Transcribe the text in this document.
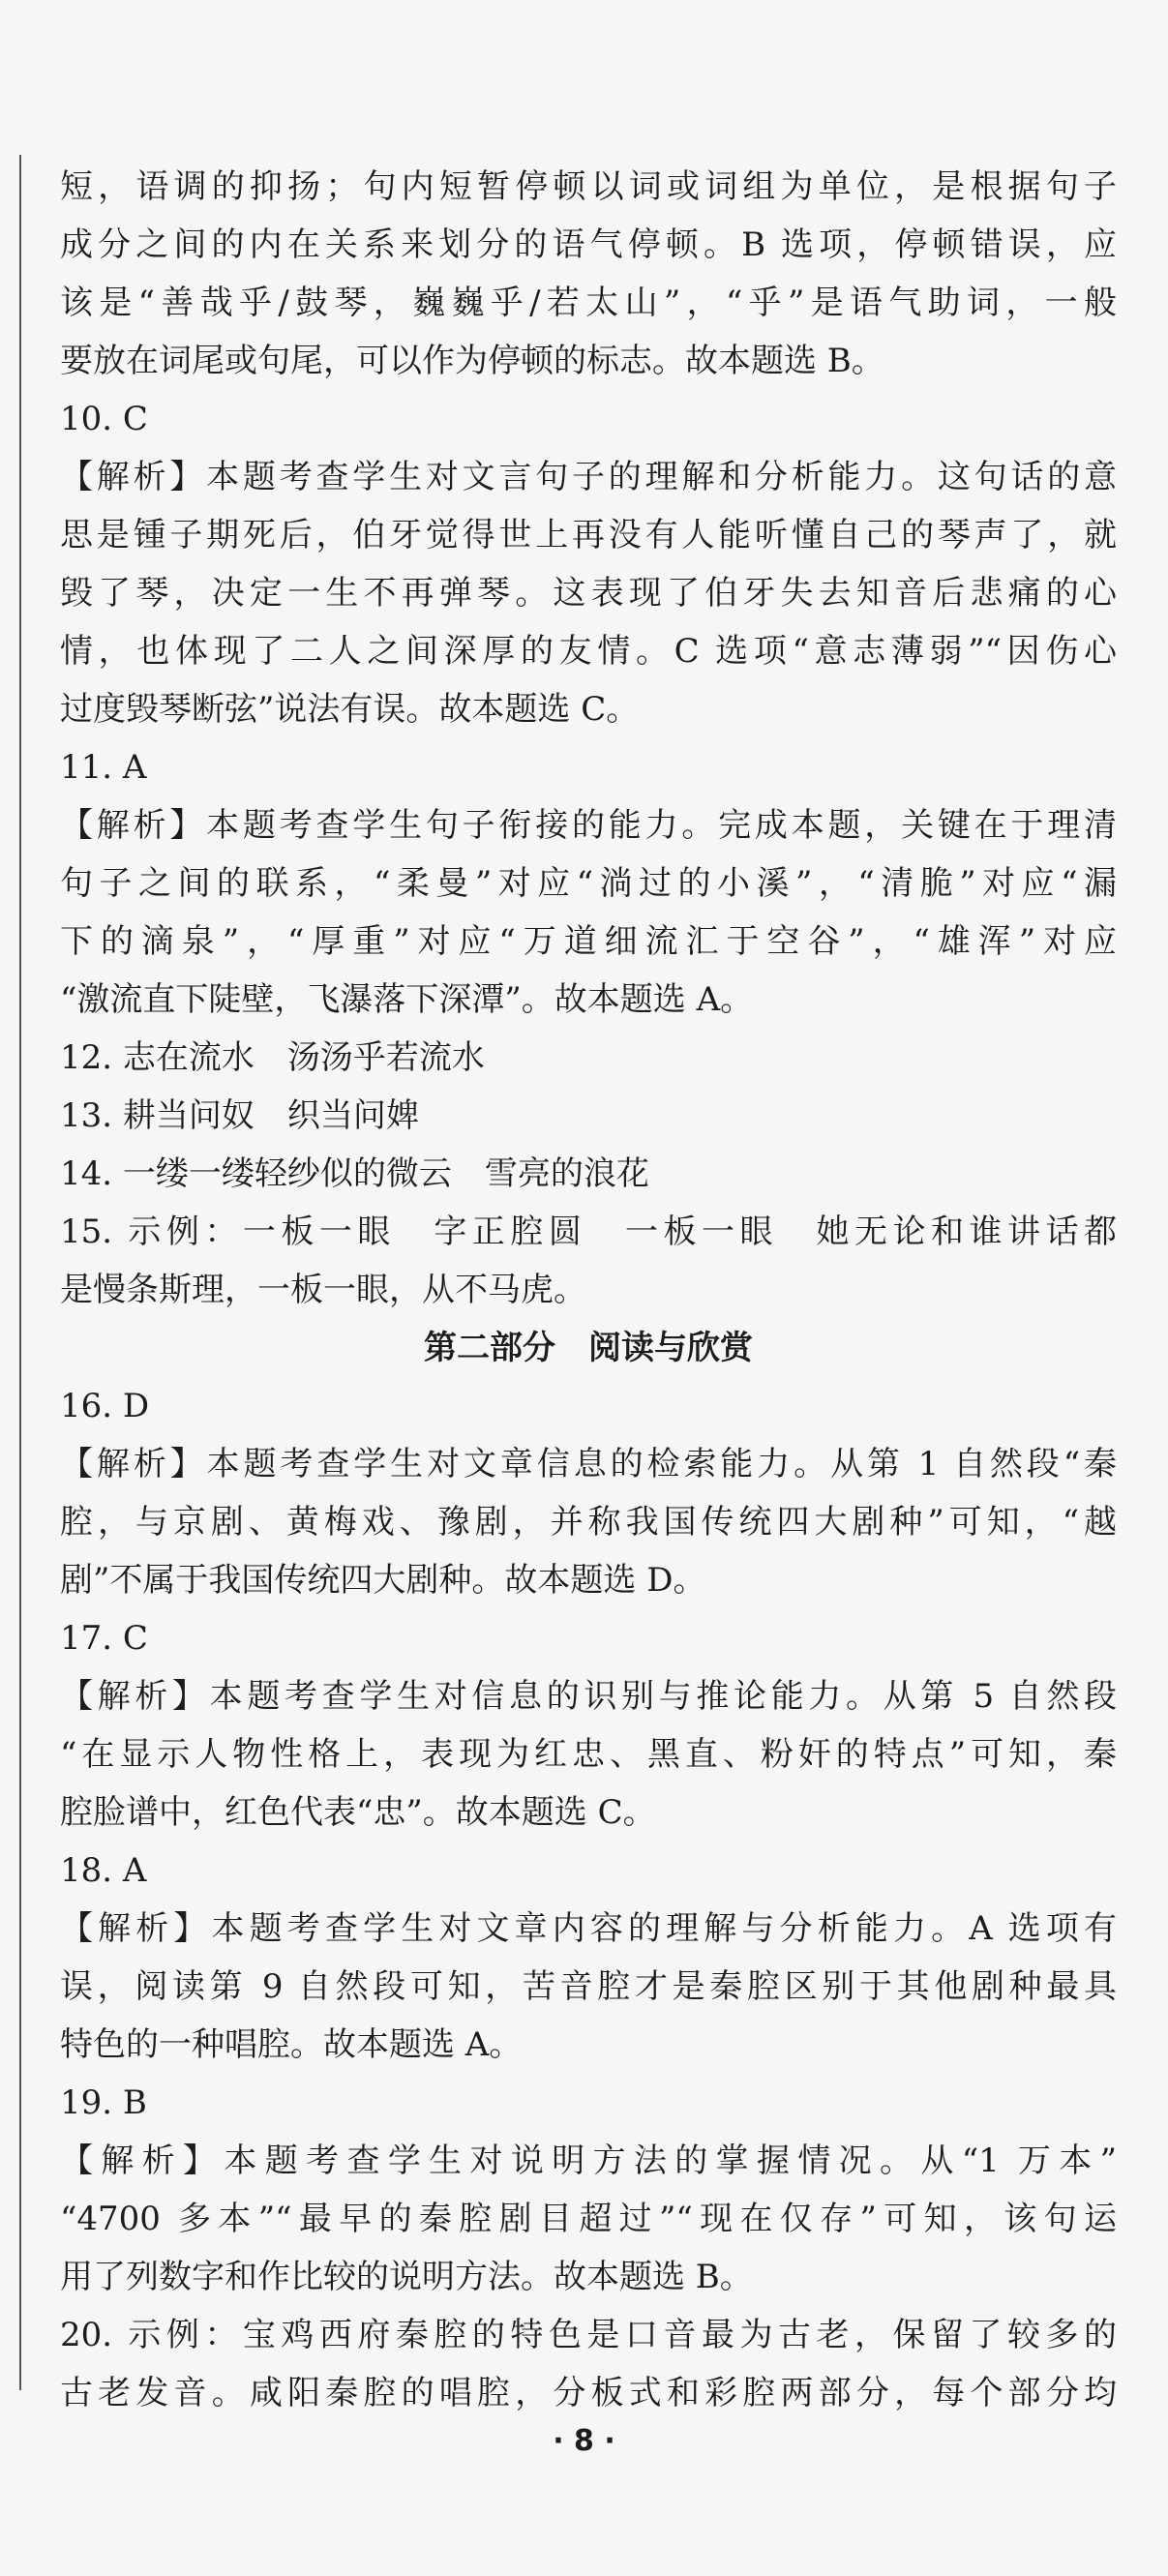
短，语调的抑扬；句内短暂停顿以词或词组为单位，是根据句子
成分之间的内在关系来划分的语气停顿。B 选项，停顿错误，应
该是“善哉乎/鼓琴，巍巍乎/若太山”，“乎”是语气助词，一般
要放在词尾或句尾，可以作为停顿的标志。故本题选 B。
10. C
【解析】本题考查学生对文言句子的理解和分析能力。这句话的意
思是锺子期死后，伯牙觉得世上再没有人能听懂自己的琴声了，就
毁了琴，决定一生不再弹琴。这表现了伯牙失去知音后悲痛的心
情，也体现了二人之间深厚的友情。C 选项“意志薄弱”“因伤心
过度毁琴断弦”说法有误。故本题选 C。
11. A
【解析】本题考查学生句子衔接的能力。完成本题，关键在于理清
句子之间的联系，“柔曼”对应“淌过的小溪”，“清脆”对应“漏
下的滴泉”，“厚重”对应“万道细流汇于空谷”，“雄浑”对应
“激流直下陡壁，飞瀑落下深潭”。故本题选 A。
12. 志在流水　汤汤乎若流水
13. 耕当问奴　织当问婢
14. 一缕一缕轻纱似的微云　雪亮的浪花
15. 示例：一板一眼　字正腔圆　一板一眼　她无论和谁讲话都
是慢条斯理，一板一眼，从不马虎。
第二部分　阅读与欣赏
16. D
【解析】本题考查学生对文章信息的检索能力。从第 1 自然段“秦
腔，与京剧、黄梅戏、豫剧，并称我国传统四大剧种”可知，“越
剧”不属于我国传统四大剧种。故本题选 D。
17. C
【解析】本题考查学生对信息的识别与推论能力。从第 5 自然段
“在显示人物性格上，表现为红忠、黑直、粉奸的特点”可知，秦
腔脸谱中，红色代表“忠”。故本题选 C。
18. A
【解析】本题考查学生对文章内容的理解与分析能力。A 选项有
误，阅读第 9 自然段可知，苦音腔才是秦腔区别于其他剧种最具
特色的一种唱腔。故本题选 A。
19. B
【解析】本题考查学生对说明方法的掌握情况。从“1 万本”
“4700 多本”“最早的秦腔剧目超过”“现在仅存”可知，该句运
用了列数字和作比较的说明方法。故本题选 B。
20. 示例：宝鸡西府秦腔的特色是口音最为古老，保留了较多的
古老发音。咸阳秦腔的唱腔，分板式和彩腔两部分，每个部分均
· 8 ·
